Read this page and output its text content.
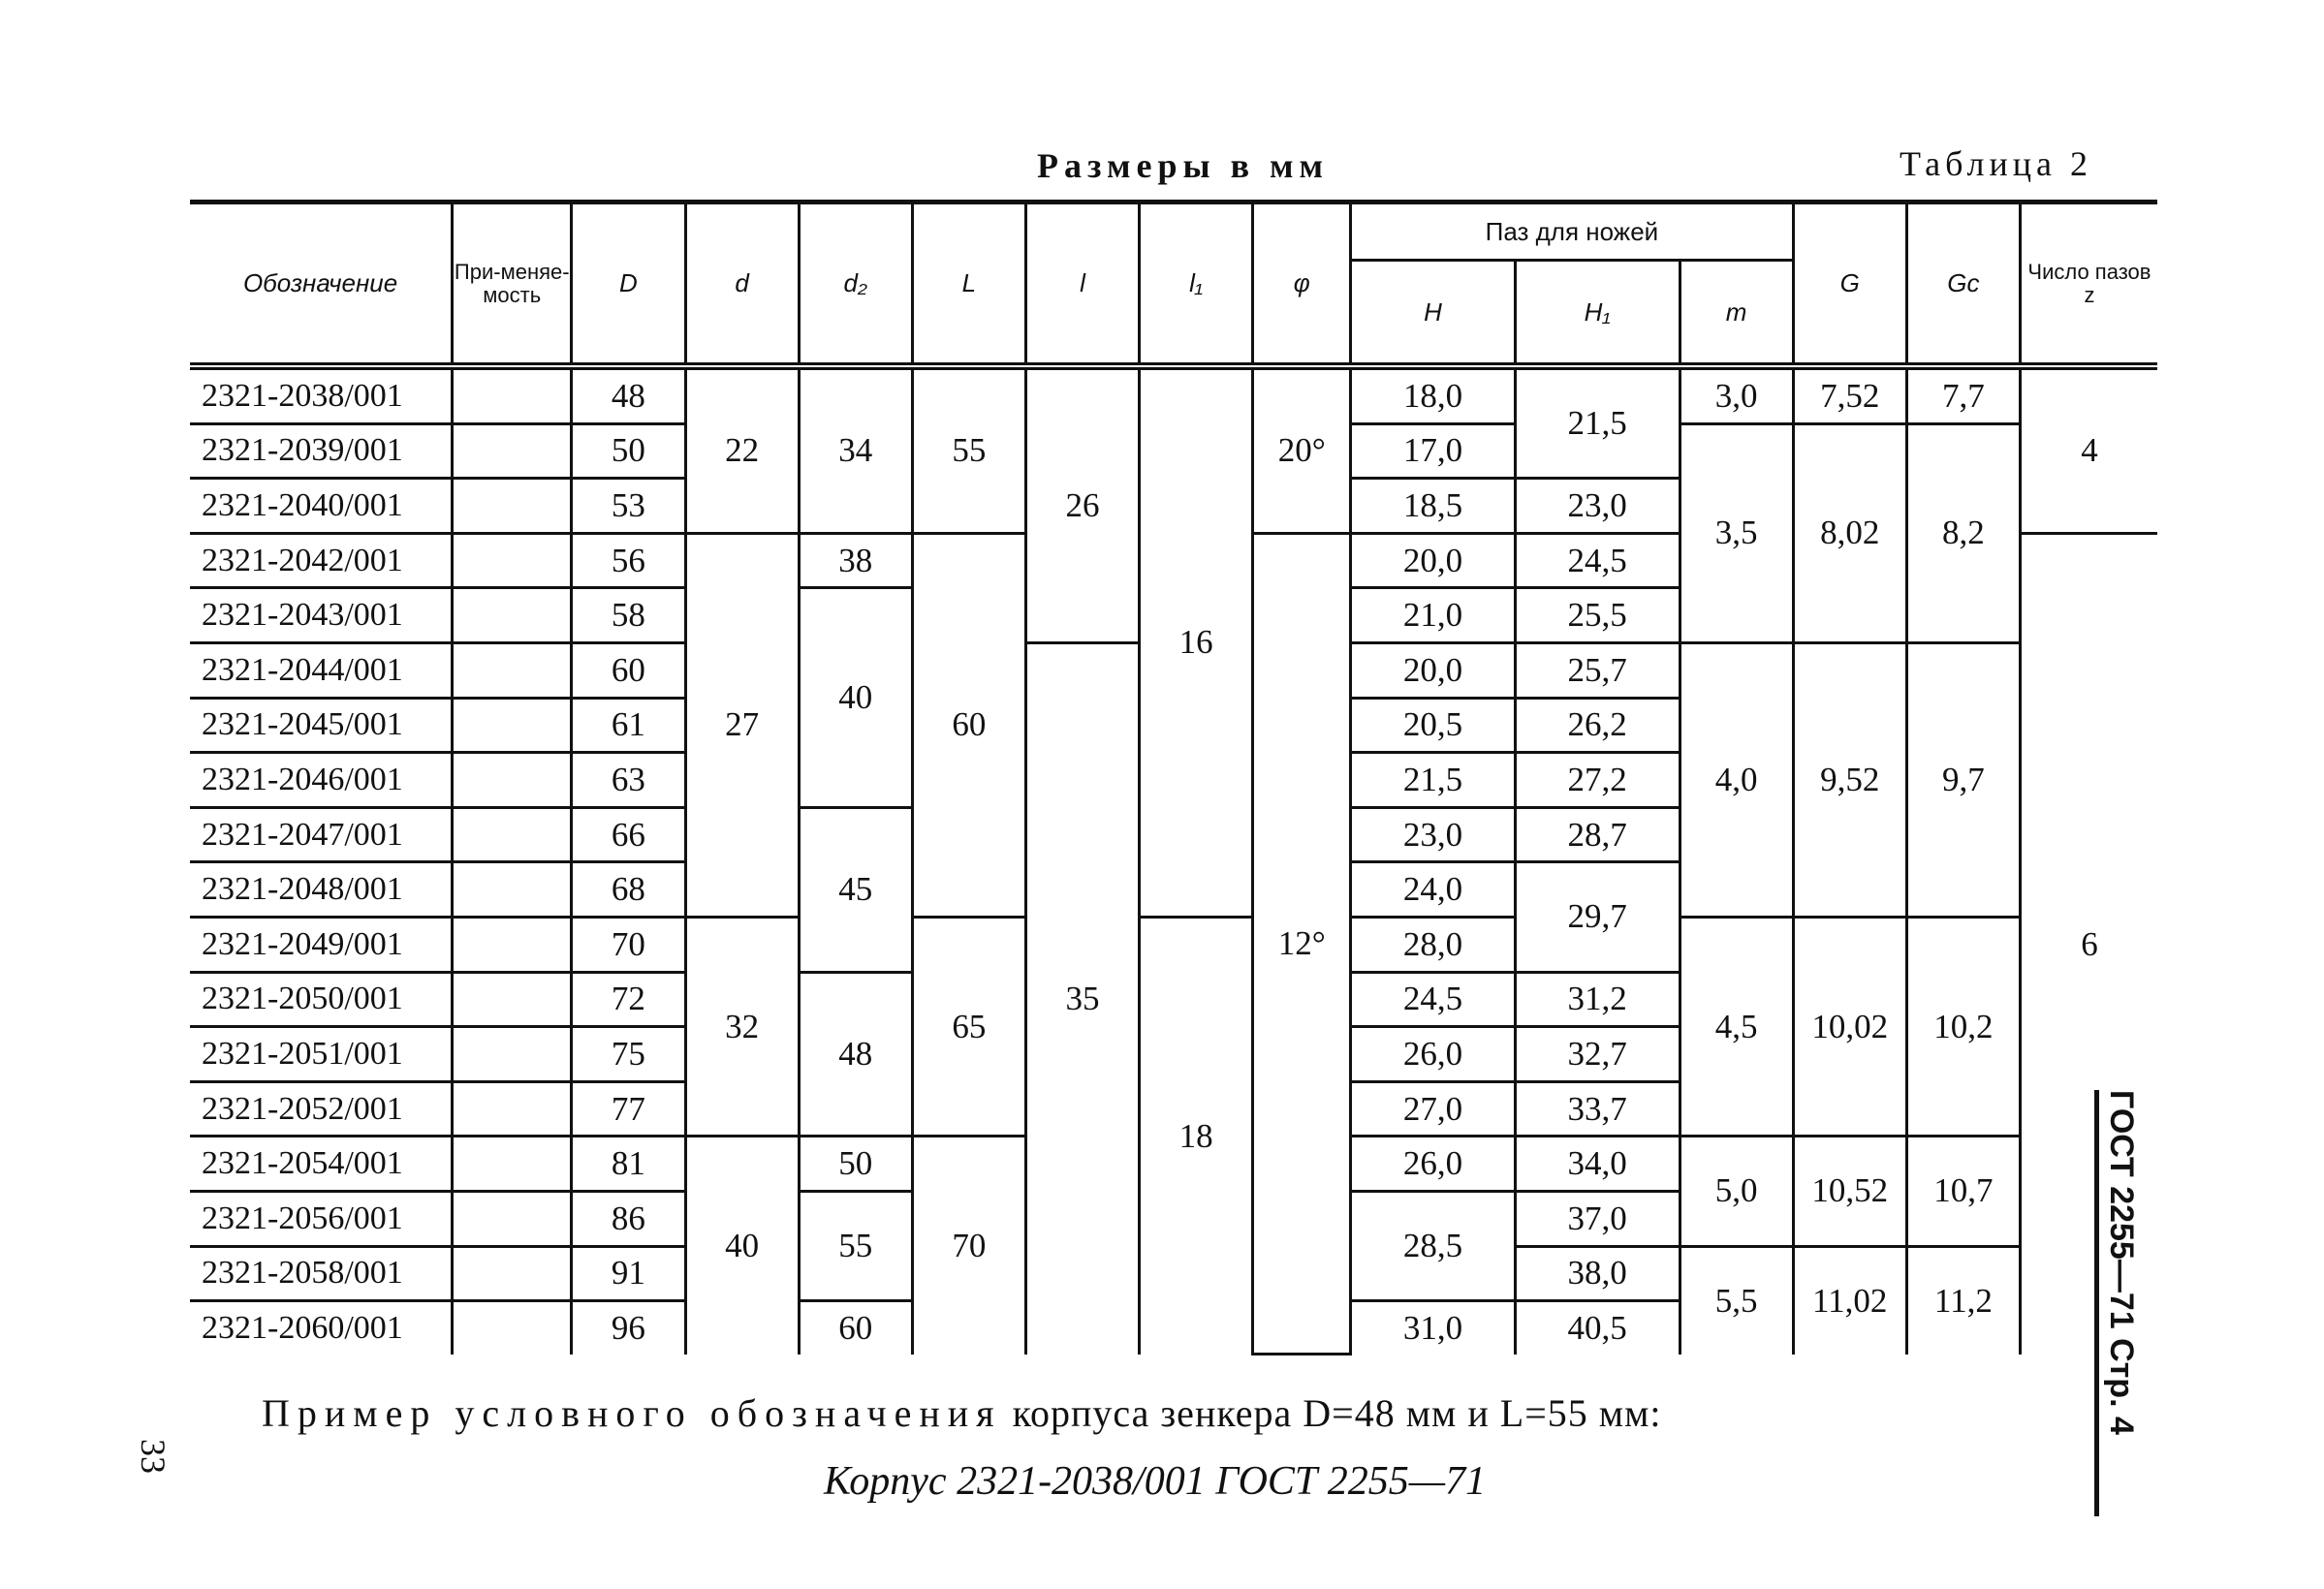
Размеры в мм	Таблица 2
Обозначение	При-меняе-мость	D	d	d₂	L	l	l₁	φ	Паз для ножей			G	Gc	Число пазов z
									H	H₁	m			
2321-2038/001		48	22	34	55	26	16	20°	18,0	21,5	3,0	7,52	7,7	4
2321-2039/001		50							17,0		3,5	8,02	8,2	
2321-2040/001		53							18,5	23,0				
2321-2042/001		56	27	38	60			12°	20,0	24,5				6
2321-2043/001		58		40					21,0	25,5				
2321-2044/001		60				35			20,0	25,7	4,0	9,52	9,7	
2321-2045/001		61							20,5	26,2				
2321-2046/001		63							21,5	27,2				
2321-2047/001		66		45					23,0	28,7				
2321-2048/001		68							24,0	29,7				
2321-2049/001		70	32		65		18		28,0		4,5	10,02	10,2	
2321-2050/001		72		48					24,5	31,2				
2321-2051/001		75							26,0	32,7				
2321-2052/001		77							27,0	33,7				
2321-2054/001		81	40	50	70				26,0	34,0	5,0	10,52	10,7	
2321-2056/001		86		55					28,5	37,0				
2321-2058/001		91								38,0	5,5	11,02	11,2	
2321-2060/001		96		60					31,0	40,5				
Пример условного обозначения корпуса зенкера D=48 мм и L=55 мм:
Корпус 2321-2038/001 ГОСТ 2255—71
33
ГОСТ 2255—71 Стр. 4
